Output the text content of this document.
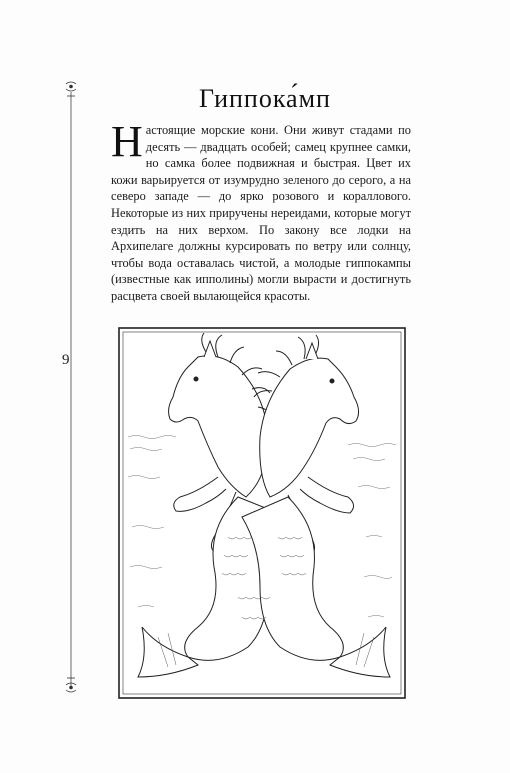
9
Гиппока́мп
Настоящие морские кони. Они живут стадами по десять — двадцать особей; самец крупнее самки, но самка более подвижная и быстрая. Цвет их кожи варьируется от изумрудно зеленого до серого, а на северо западе — до ярко розового и кораллового. Некоторые из них приручены нереидами, которые могут ездить на них верхом. По закону все лодки на Архипелаге должны курсировать по ветру или солнцу, чтобы вода оставалась чистой, а молодые гиппокампы (известные как ипполины) могли вырасти и достигнуть расцвета своей вылающейся красоты.
